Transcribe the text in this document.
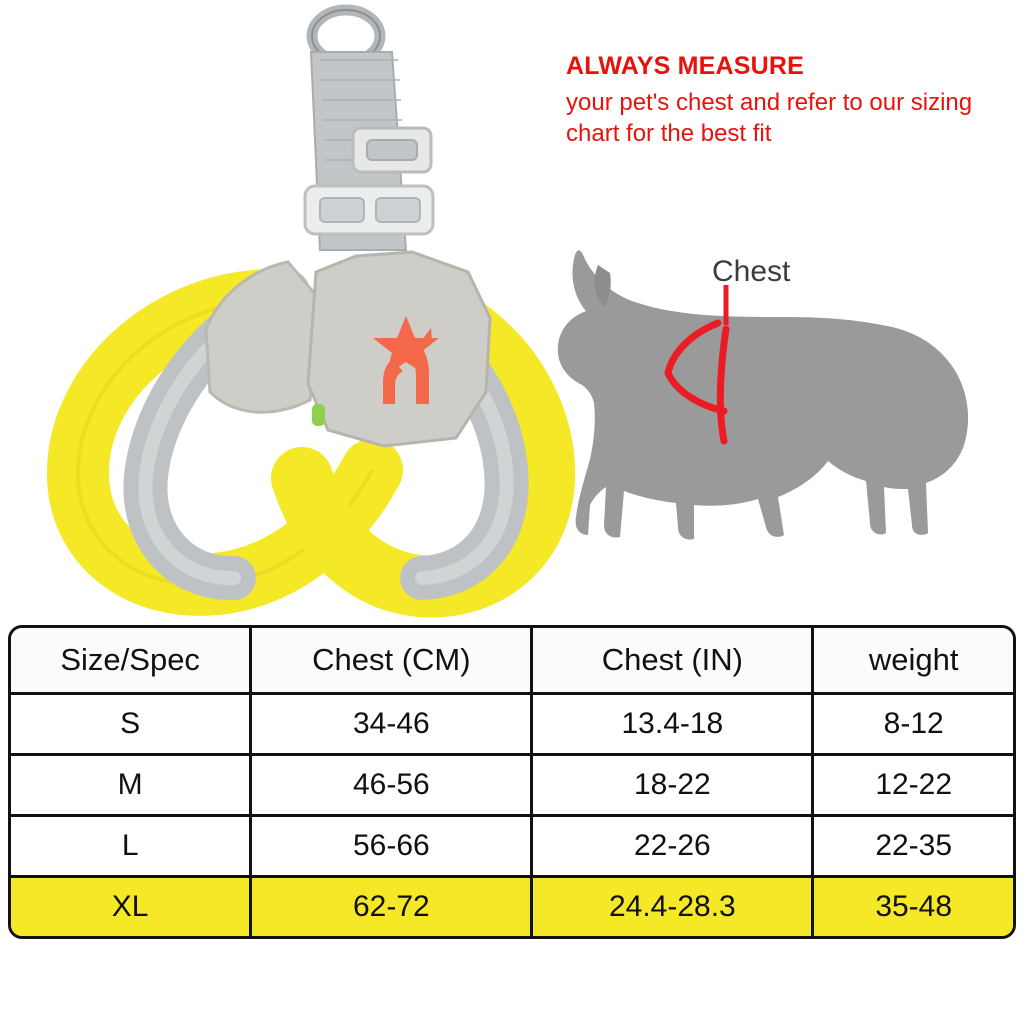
ALWAYS MEASURE

your pet's chest and refer to our sizing chart for the best fit

Chest
Size/Spec	Chest (CM)	Chest (IN)	weight
S	34-46	13.4-18	8-12
M	46-56	18-22	12-22
L	56-66	22-26	22-35
XL	62-72	24.4-28.3	35-48
